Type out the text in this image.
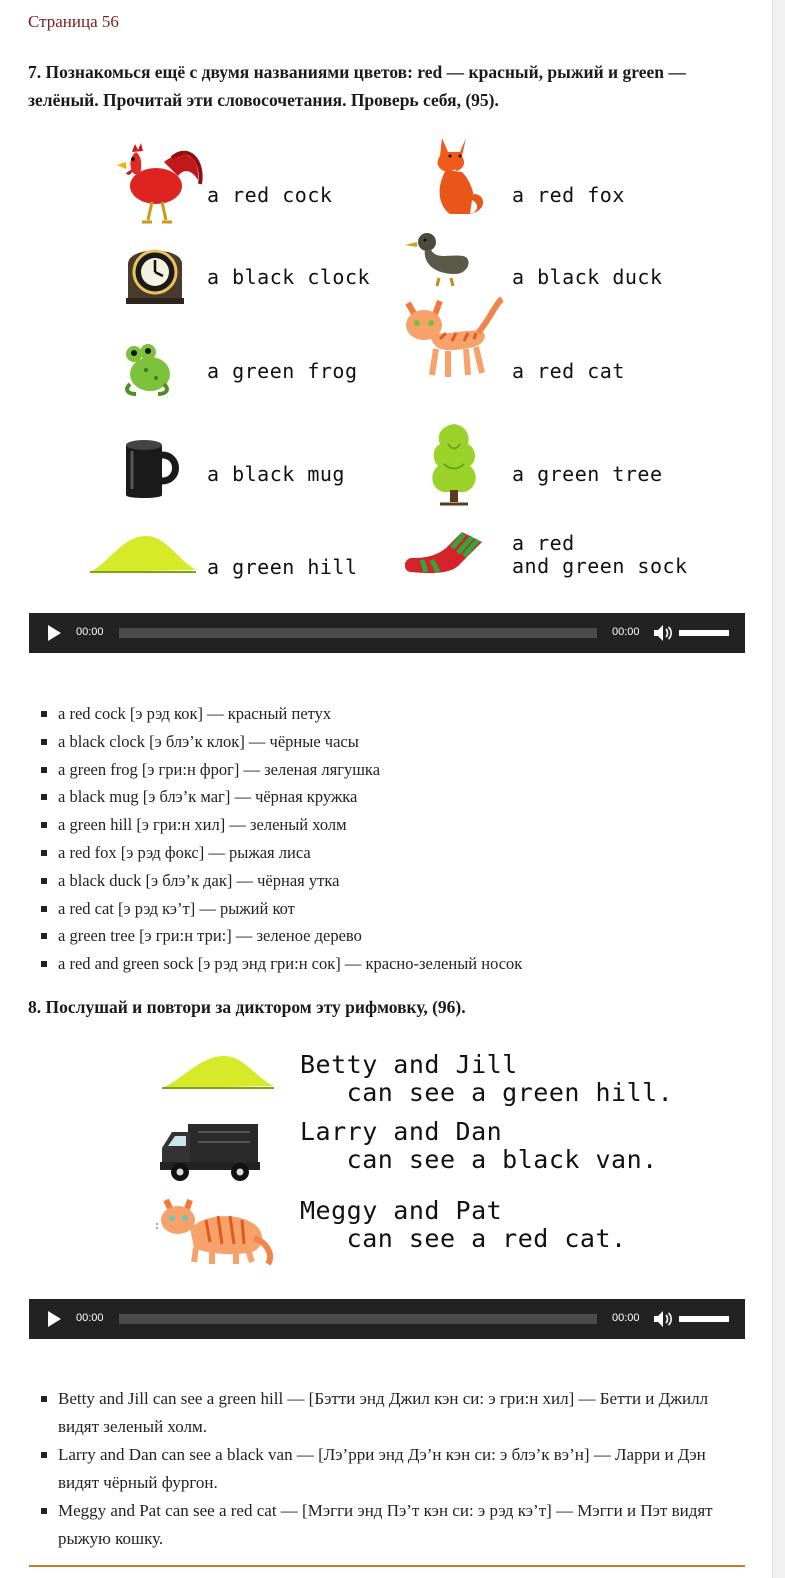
Страница 56
7. Познакомься ещё с двумя названиями цветов: red — красный, рыжий и green — зелёный. Прочитай эти словосочетания. Проверь себя, (95).
a red cock
a black clock
a green frog
a black mug
a green hill
a red fox
a black duck
a red cat
a green tree
a red
and green sock
00:00	00:00
a red cock [э рэд кок] — красный петух
a black clock [э блэ’к клок] — чёрные часы
a green frog [э гри:н фрог] — зеленая лягушка
a black mug [э блэ’к маг] — чёрная кружка
a green hill [э гри:н хил] — зеленый холм
a red fox [э рэд фокс] — рыжая лиса
a black duck [э блэ’к дак] — чёрная утка
a red cat [э рэд кэ’т] — рыжий кот
a green tree [э гри:н три:] — зеленое дерево
a red and green sock [э рэд энд гри:н сок] — красно-зеленый носок
8. Послушай и повтори за диктором эту рифмовку, (96).
Betty and Jill
can see a green hill.
Larry and Dan
can see a black van.
Meggy and Pat
can see a red cat.
00:00	00:00
Betty and Jill can see a green hill — [Бэтти энд Джил кэн си: э гри:н хил] — Бетти и Джилл видят зеленый холм.
Larry and Dan can see a black van — [Лэ’рри энд Дэ’н кэн си: э блэ’к вэ’н] — Ларри и Дэн видят чёрный фургон.
Meggy and Pat can see a red cat — [Мэгги энд Пэ’т кэн си: э рэд кэ’т] — Мэгги и Пэт видят рыжую кошку.
